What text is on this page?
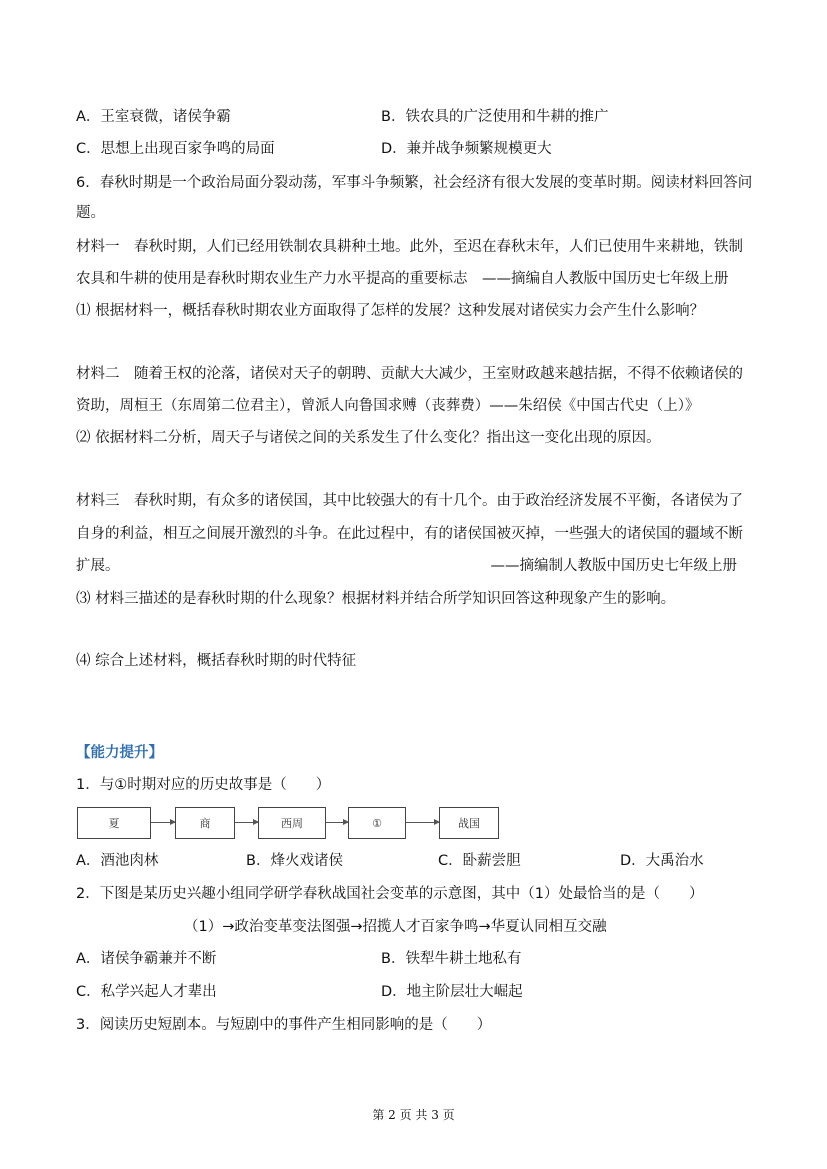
A．王室衰微，诸侯争霸	B．铁农具的广泛使用和牛耕的推广
C．思想上出现百家争鸣的局面	D．兼并战争频繁规模更大
6．春秋时期是一个政治局面分裂动荡，军事斗争频繁，社会经济有很大发展的变革时期。阅读材料回答问
题。
材料一　春秋时期，人们已经用铁制农具耕种土地。此外，至迟在春秋末年，人们已使用牛来耕地，铁制
农具和牛耕的使用是春秋时期农业生产力水平提高的重要标志　——摘编自人教版中国历史七年级上册
⑴ 根据材料一，概括春秋时期农业方面取得了怎样的发展？这种发展对诸侯实力会产生什么影响？
材料二　随着王权的沦落，诸侯对天子的朝聘、贡献大大减少，王室财政越来越拮据，不得不依赖诸侯的
资助，周桓王（东周第二位君主），曾派人向鲁国求赙（丧葬费）——朱绍侯《中国古代史（上）》
⑵ 依据材料二分析，周天子与诸侯之间的关系发生了什么变化？指出这一变化出现的原因。
材料三　春秋时期，有众多的诸侯国，其中比较强大的有十几个。由于政治经济发展不平衡，各诸侯为了
自身的利益，相互之间展开激烈的斗争。在此过程中，有的诸侯国被灭掉，一些强大的诸侯国的疆域不断
扩展。	——摘编制人教版中国历史七年级上册
⑶ 材料三描述的是春秋时期的什么现象？根据材料并结合所学知识回答这种现象产生的影响。
⑷ 综合上述材料，概括春秋时期的时代特征
【能力提升】
1．与①时期对应的历史故事是（　　）
夏	商	西周	①	战国
A．酒池肉林	B．烽火戏诸侯	C．卧薪尝胆	D．大禹治水
2．下图是某历史兴趣小组同学研学春秋战国社会变革的示意图，其中（1）处最恰当的是（　　）
（1）→政治变革变法图强→招揽人才百家争鸣→华夏认同相互交融
A．诸侯争霸兼并不断	B．铁犁牛耕土地私有
C．私学兴起人才辈出	D．地主阶层壮大崛起
3．阅读历史短剧本。与短剧中的事件产生相同影响的是（　　）
第 2 页 共 3 页
